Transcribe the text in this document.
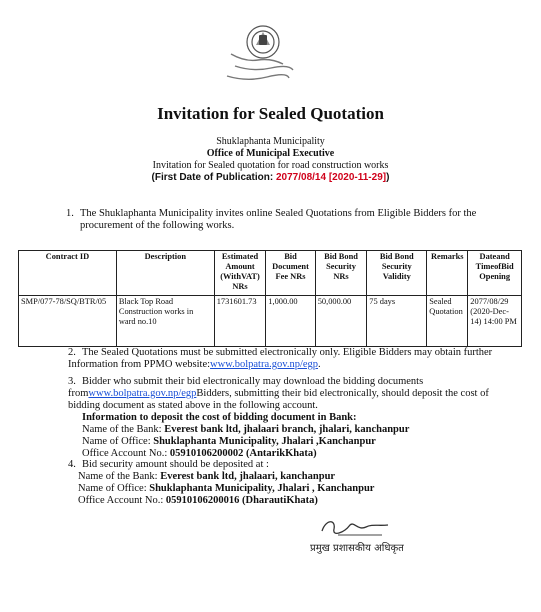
Invitation for Sealed Quotation
Shuklaphanta Municipality
Office of Municipal Executive
Invitation for Sealed quotation for road construction works
(First Date of Publication: 2077/08/14 [2020-11-29])
1. The Shuklaphanta Municipality invites online Sealed Quotations from Eligible Bidders for the procurement of the following works.
Contract ID	Description	Estimated Amount (WithVAT) NRs	Bid Document Fee NRs	Bid Bond Security NRs	Bid Bond Security Validity	Remarks	Dateand TimeofBid Opening
SMP/077-78/SQ/BTR/05	Black Top Road Construction works in ward no.10	1731601.73	1,000.00	50,000.00	75 days	Sealed Quotation	2077/08/29 (2020-Dec-14) 14:00 PM
2. The Sealed Quotations must be submitted electronically only. Eligible Bidders may obtain further Information from PPMO website:www.bolpatra.gov.np/egp.
3. Bidder who submit their bid electronically may download the bidding documents fromwww.bolpatra.gov.np/egpBidders, submitting their bid electronically, should deposit the cost of bidding document as stated above in the following account.
Information to deposit the cost of bidding document in Bank:
Name of the Bank: Everest bank ltd, jhalaari branch, jhalari, kanchanpur
Name of Office: Shuklaphanta Municipality, Jhalari ,Kanchanpur
Office Account No.: 05910106200002 (AntarikKhata)
4. Bid security amount should be deposited at :
Name of the Bank: Everest bank ltd, jhalaari, kanchanpur
Name of Office: Shuklaphanta Municipality, Jhalari , Kanchanpur
Office Account No.: 05910106200016 (DharautiKhata)
प्रमुख प्रशासकीय अधिकृत
